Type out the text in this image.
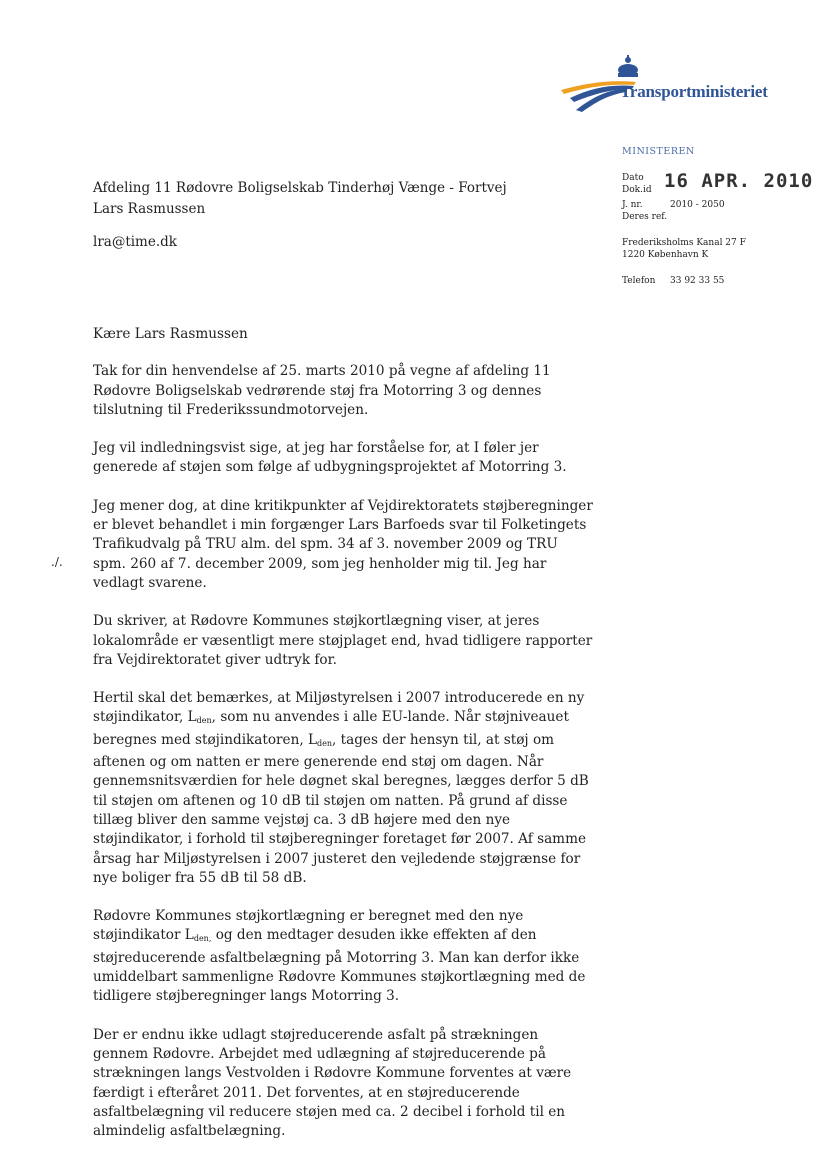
Transportministeriet
MINISTEREN
16 APR. 2010
Dato
Dok.id
J. nr.	2010 - 2050
Deres ref.
Frederiksholms Kanal 27 F
1220 København K
Telefon 33 92 33 55
Afdeling 11 Rødovre Boligselskab Tinderhøj Vænge - Fortvej
Lars Rasmussen
lra@time.dk
./.

Kære Lars Rasmussen

Tak for din henvendelse af 25. marts 2010 på vegne af afdeling 11 Rødovre Boligselskab vedrørende støj fra Motorring 3 og dennes tilslutning til Frederikssundmotorvejen.

Jeg vil indledningsvist sige, at jeg har forståelse for, at I føler jer generede af støjen som følge af udbygningsprojektet af Motorring 3.

Jeg mener dog, at dine kritikpunkter af Vejdirektoratets støjberegninger er blevet behandlet i min forgænger Lars Barfoeds svar til Folketingets Trafikudvalg på TRU alm. del spm. 34 af 3. november 2009 og TRU spm. 260 af 7. december 2009, som jeg henholder mig til. Jeg har vedlagt svarene.

Du skriver, at Rødovre Kommunes støjkortlægning viser, at jeres lokalområde er væsentligt mere støjplaget end, hvad tidligere rapporter fra Vejdirektoratet giver udtryk for.

Hertil skal det bemærkes, at Miljøstyrelsen i 2007 introducerede en ny støjindikator, $L_{den}$, som nu anvendes i alle EU-lande. Når støjniveauet beregnes med støjindikatoren, $L_{den}$, tages der hensyn til, at støj om aftenen og om natten er mere generende end støj om dagen. Når gennemsnitsværdien for hele døgnet skal beregnes, lægges derfor 5 dB til støjen om aftenen og 10 dB til støjen om natten. På grund af disse tillæg bliver den samme vejstøj ca. 3 dB højere med den nye støjindikator, i forhold til støjberegninger foretaget før 2007. Af samme årsag har Miljøstyrelsen i 2007 justeret den vejledende støjgrænse for nye boliger fra 55 dB til 58 dB.

Rødovre Kommunes støjkortlægning er beregnet med den nye støjindikator $L_{den,}$ og den medtager desuden ikke effekten af den støjreducerende asfaltbelægning på Motorring 3. Man kan derfor ikke umiddelbart sammenligne Rødovre Kommunes støjkortlægning med de tidligere støjberegninger langs Motorring 3.

Der er endnu ikke udlagt støjreducerende asfalt på strækningen gennem Rødovre. Arbejdet med udlægning af støjreducerende på strækningen langs Vestvolden i Rødovre Kommune forventes at være færdigt i efteråret 2011. Det forventes, at en støjreducerende asfaltbelægning vil reducere støjen med ca. 2 decibel i forhold til en almindelig asfaltbelægning.
